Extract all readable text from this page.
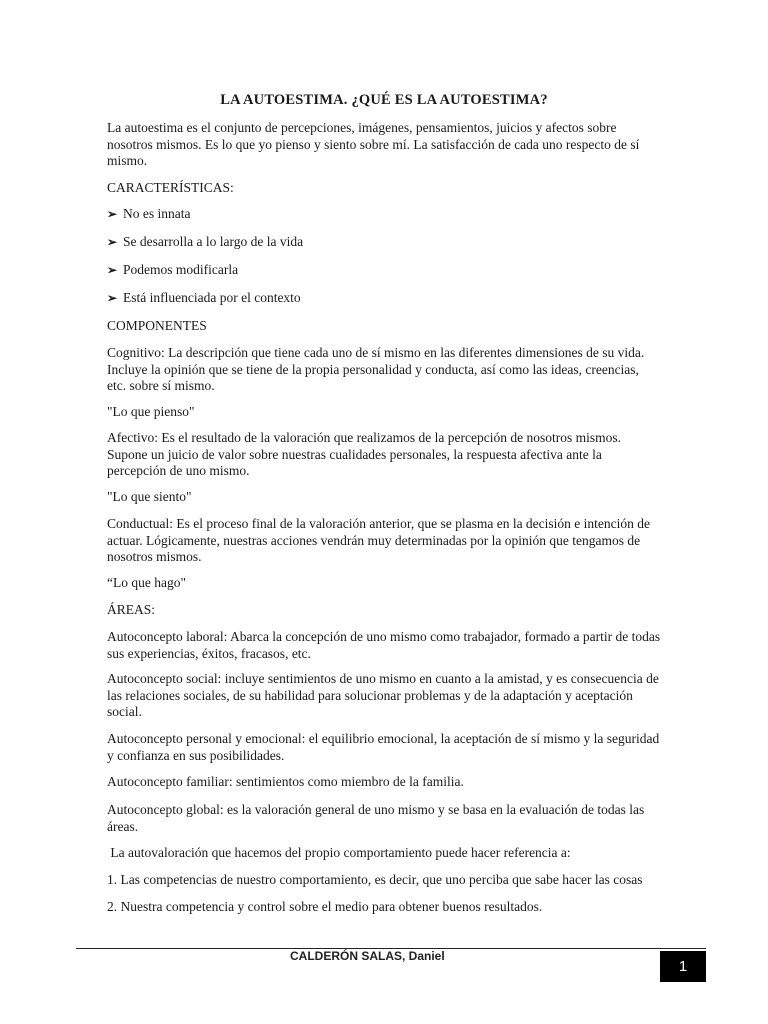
LA AUTOESTIMA. ¿QUÉ ES LA AUTOESTIMA?

La autoestima es el conjunto de percepciones, imágenes, pensamientos, juicios y afectos sobre nosotros mismos. Es lo que yo pienso y siento sobre mí. La satisfacción de cada uno respecto de sí mismo.

CARACTERÍSTICAS:

➢ No es innata
➢ Se desarrolla a lo largo de la vida
➢ Podemos modificarla
➢ Está influenciada por el contexto

COMPONENTES

Cognitivo: La descripción que tiene cada uno de sí mismo en las diferentes dimensiones de su vida. Incluye la opinión que se tiene de la propia personalidad y conducta, así como las ideas, creencias, etc. sobre sí mismo.

"Lo que pienso"

Afectivo: Es el resultado de la valoración que realizamos de la percepción de nosotros mismos. Supone un juicio de valor sobre nuestras cualidades personales, la respuesta afectiva ante la percepción de uno mismo.

"Lo que siento"

Conductual: Es el proceso final de la valoración anterior, que se plasma en la decisión e intención de actuar. Lógicamente, nuestras acciones vendrán muy determinadas por la opinión que tengamos de nosotros mismos.

“Lo que hago"

ÁREAS:

Autoconcepto laboral: Abarca la concepción de uno mismo como trabajador, formado a partir de todas sus experiencias, éxitos, fracasos, etc.

Autoconcepto social: incluye sentimientos de uno mismo en cuanto a la amistad, y es consecuencia de las relaciones sociales, de su habilidad para solucionar problemas y de la adaptación y aceptación social.

Autoconcepto personal y emocional: el equilibrio emocional, la aceptación de sí mismo y la seguridad y confianza en sus posibilidades.

Autoconcepto familiar: sentimientos como miembro de la familia.

Autoconcepto global: es la valoración general de uno mismo y se basa en la evaluación de todas las áreas.

La autovaloración que hacemos del propio comportamiento puede hacer referencia a:

1. Las competencias de nuestro comportamiento, es decir, que uno perciba que sabe hacer las cosas

2. Nuestra competencia y control sobre el medio para obtener buenos resultados.

CALDERÓN SALAS, Daniel
1
